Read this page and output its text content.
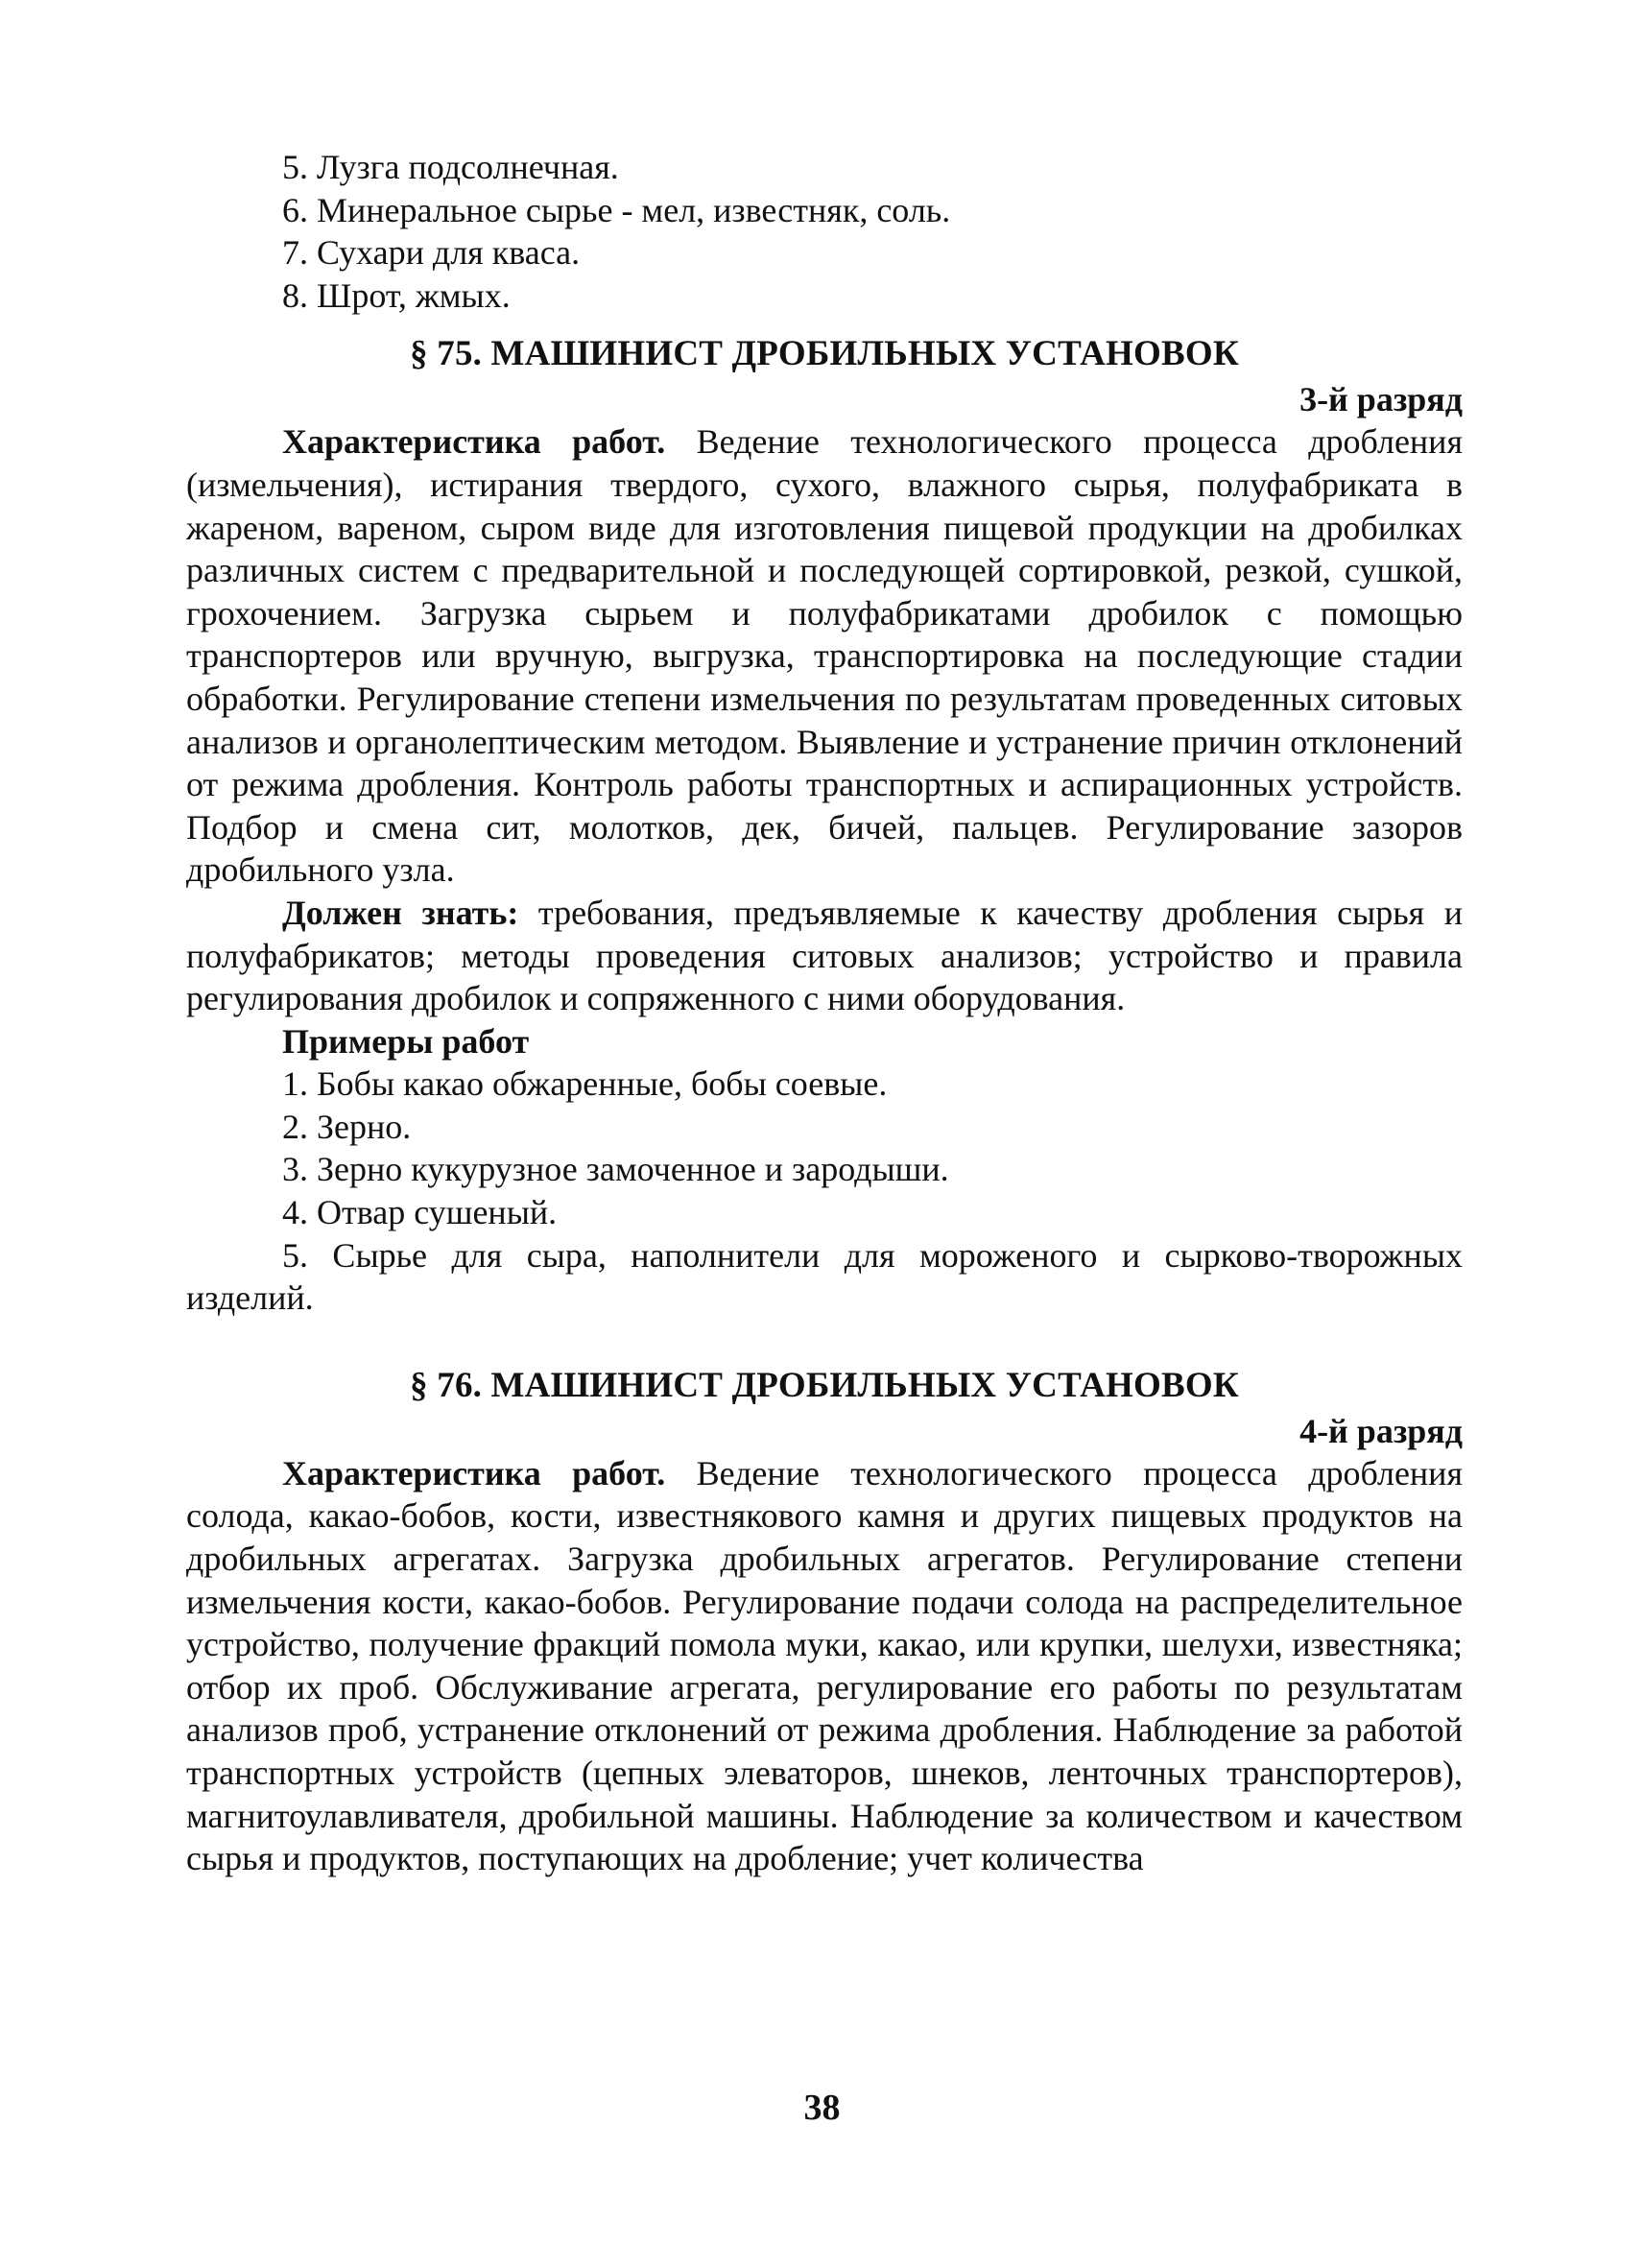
5. Лузга подсолнечная.

6. Минеральное сырье - мел, известняк, соль.

7. Сухари для кваса.

8. Шрот, жмых.

§ 75. МАШИНИСТ ДРОБИЛЬНЫХ УСТАНОВОК

3-й разряд

Характеристика работ. Ведение технологического процесса дробления (измельчения), истирания твердого, сухого, влажного сырья, полуфабриката в жареном, вареном, сыром виде для изготовления пищевой продукции на дробилках различных систем с предварительной и последующей сортировкой, резкой, сушкой, грохочением. Загрузка сырьем и полуфабрикатами дробилок с помощью транспортеров или вручную, выгрузка, транспортировка на последующие стадии обработки. Регулирование степени измельчения по результатам проведенных ситовых анализов и органолептическим методом. Выявление и устранение причин отклонений от режима дробления. Контроль работы транспортных и аспирационных устройств. Подбор и смена сит, молотков, дек, бичей, пальцев. Регулирование зазоров дробильного узла.

Должен знать: требования, предъявляемые к качеству дробления сырья и полуфабрикатов; методы проведения ситовых анализов; устройство и правила регулирования дробилок и сопряженного с ними оборудования.

Примеры работ

1. Бобы какао обжаренные, бобы соевые.

2. Зерно.

3. Зерно кукурузное замоченное и зародыши.

4. Отвар сушеный.

5. Сырье для сыра, наполнители для мороженого и сырково-творожных изделий.

§ 76. МАШИНИСТ ДРОБИЛЬНЫХ УСТАНОВОК

4-й разряд

Характеристика работ. Ведение технологического процесса дробления солода, какао-бобов, кости, известнякового камня и других пищевых продуктов на дробильных агрегатах. Загрузка дробильных агрегатов. Регулирование степени измельчения кости, какао-бобов. Регулирование подачи солода на распределительное устройство, получение фракций помола муки, какао, или крупки, шелухи, известняка; отбор их проб. Обслуживание агрегата, регулирование его работы по результатам анализов проб, устранение отклонений от режима дробления. Наблюдение за работой транспортных устройств (цепных элеваторов, шнеков, ленточных транспортеров), магнитоулавливателя, дробильной машины. Наблюдение за количеством и качеством сырья и продуктов, поступающих на дробление; учет количества

38
